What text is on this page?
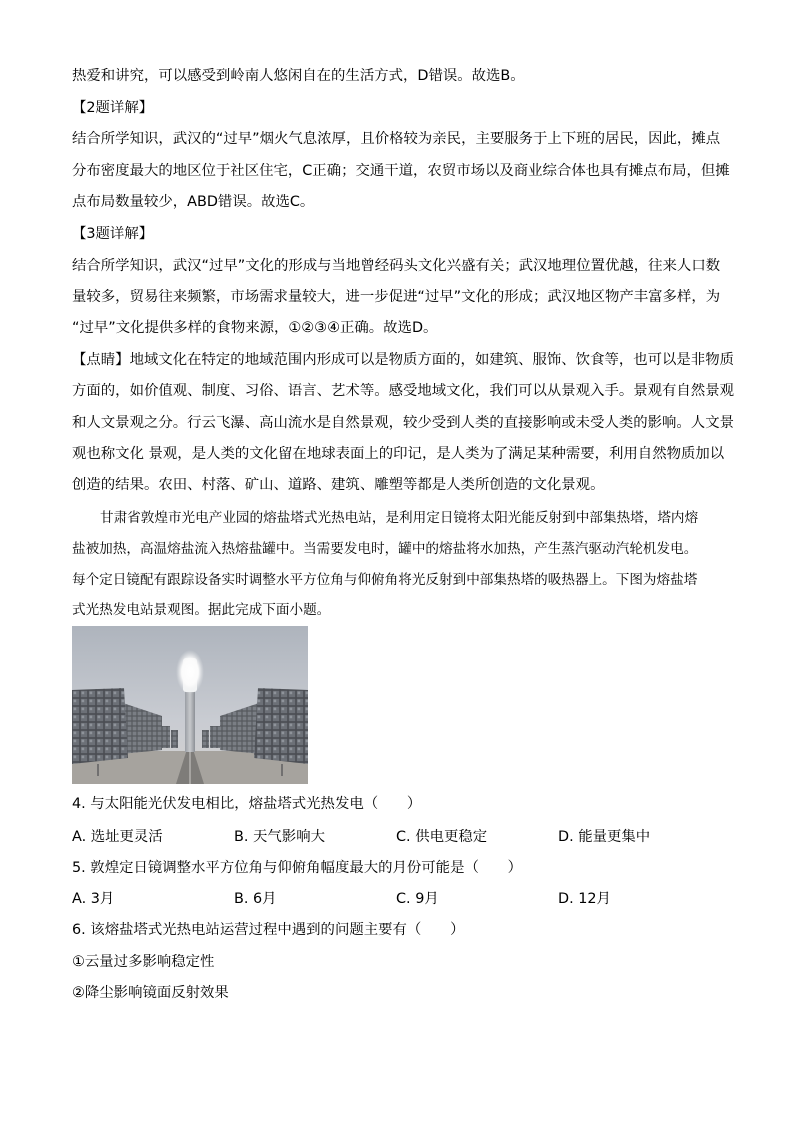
热爱和讲究，可以感受到岭南人悠闲自在的生活方式，D错误。故选B。
【2题详解】
结合所学知识，武汉的“过早”烟火气息浓厚，且价格较为亲民，主要服务于上下班的居民，因此，摊点
分布密度最大的地区位于社区住宅，C正确；交通干道，农贸市场以及商业综合体也具有摊点布局，但摊
点布局数量较少，ABD错误。故选C。
【3题详解】
结合所学知识，武汉“过早”文化的形成与当地曾经码头文化兴盛有关；武汉地理位置优越，往来人口数
量较多，贸易往来频繁，市场需求量较大，进一步促进“过早”文化的形成；武汉地区物产丰富多样，为
“过早”文化提供多样的食物来源，①②③④正确。故选D。
【点睛】地域文化在特定的地域范围内形成可以是物质方面的，如建筑、服饰、饮食等，也可以是非物质
方面的，如价值观、制度、习俗、语言、艺术等。感受地域文化，我们可以从景观入手。景观有自然景观
和人文景观之分。行云飞瀑、高山流水是自然景观，较少受到人类的直接影响或未受人类的影响。人文景
观也称文化 景观，是人类的文化留在地球表面上的印记，是人类为了满足某种需要，利用自然物质加以
创造的结果。农田、村落、矿山、道路、建筑、雕塑等都是人类所创造的文化景观。
甘肃省敦煌市光电产业园的熔盐塔式光热电站，是利用定日镜将太阳光能反射到中部集热塔，塔内熔
盐被加热，高温熔盐流入热熔盐罐中。当需要发电时，罐中的熔盐将水加热，产生蒸汽驱动汽轮机发电。
每个定日镜配有跟踪设备实时调整水平方位角与仰俯角将光反射到中部集热塔的吸热器上。下图为熔盐塔
式光热发电站景观图。据此完成下面小题。
4. 与太阳能光伏发电相比，熔盐塔式光热发电（　　）
A. 选址更灵活	B. 天气影响大	C. 供电更稳定	D. 能量更集中
5. 敦煌定日镜调整水平方位角与仰俯角幅度最大的月份可能是（　　）
A. 3月	B. 6月	C. 9月	D. 12月
6. 该熔盐塔式光热电站运营过程中遇到的问题主要有（　　）
①云量过多影响稳定性
②降尘影响镜面反射效果
